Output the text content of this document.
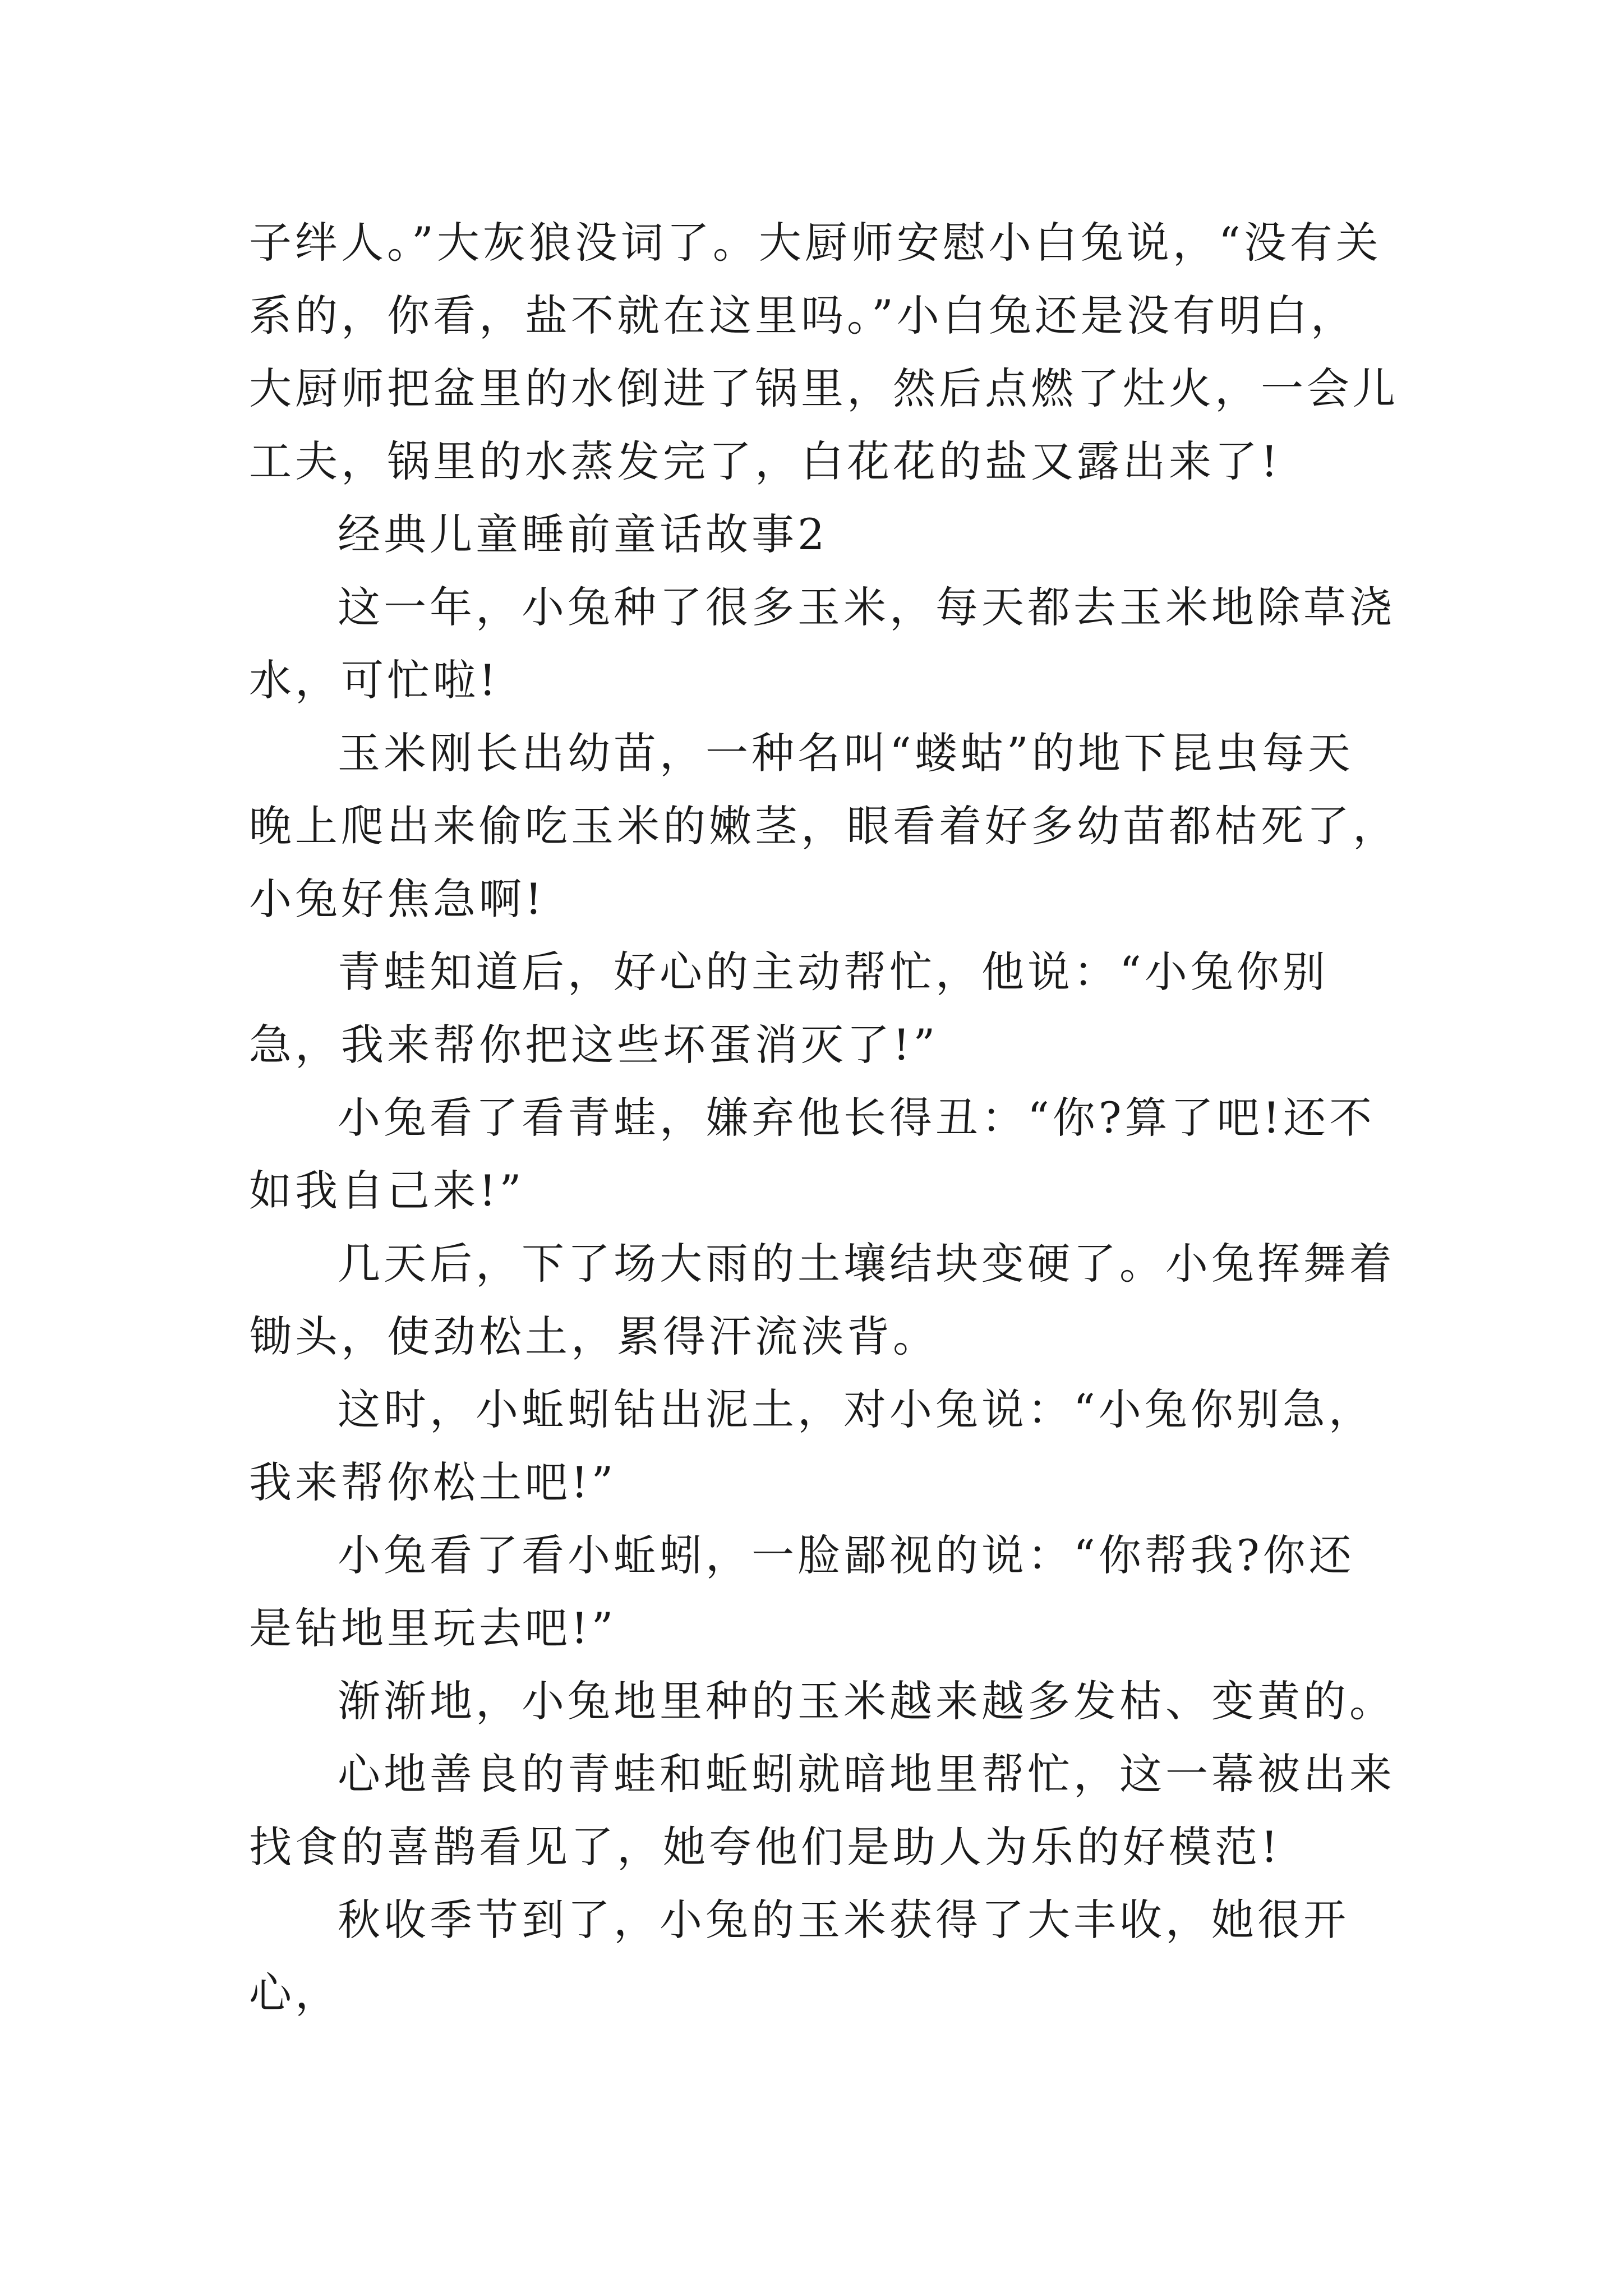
子绊人。”大灰狼没词了。大厨师安慰小白兔说，“没有关系的，你看，盐不就在这里吗。”小白兔还是没有明白，大厨师把盆里的水倒进了锅里，然后点燃了灶火，一会儿工夫，锅里的水蒸发完了，白花花的盐又露出来了!

经典儿童睡前童话故事2

这一年，小兔种了很多玉米，每天都去玉米地除草浇水，可忙啦!

玉米刚长出幼苗，一种名叫“蝼蛄”的地下昆虫每天晚上爬出来偷吃玉米的嫩茎，眼看着好多幼苗都枯死了，小兔好焦急啊!

青蛙知道后，好心的主动帮忙，他说：“小兔你别急，我来帮你把这些坏蛋消灭了!”

小兔看了看青蛙，嫌弃他长得丑：“你?算了吧!还不如我自己来!”

几天后，下了场大雨的土壤结块变硬了。小兔挥舞着锄头，使劲松土，累得汗流浃背。

这时，小蚯蚓钻出泥土，对小兔说：“小兔你别急，我来帮你松土吧!”

小兔看了看小蚯蚓，一脸鄙视的说：“你帮我?你还是钻地里玩去吧!”

渐渐地，小兔地里种的玉米越来越多发枯、变黄的。

心地善良的青蛙和蚯蚓就暗地里帮忙，这一幕被出来找食的喜鹊看见了，她夸他们是助人为乐的好模范!

秋收季节到了，小兔的玉米获得了大丰收，她很开心，
